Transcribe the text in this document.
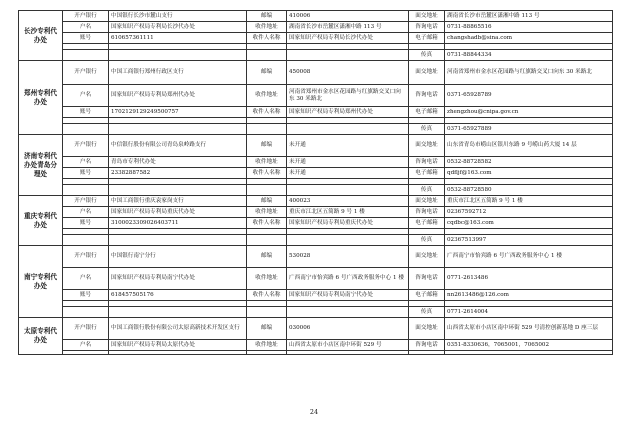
长沙专利代办处	开户银行	中国银行长沙市麓山支行	邮编	410006	面交地址	湖南省长沙市岳麓区潇湘中路 113 号
	户名	国家知识产权局专利局长沙代办处	收件地址	湖南省长沙市岳麓区潇湘中路 113 号	咨询电话	0731-88865516
	账号	610657361111	收件人名称	国家知识产权局专利局长沙代办处	电子邮箱	changshadb@sina.com

					传真	0731-88844334
郑州专利代办处	开户银行	中国工商银行郑州行政区支行	邮编	450008	面交地址	河南省郑州市金水区花园路与红旗路交叉口向东 30 米路北
	户名	国家知识产权局专利局郑州代办处	收件地址	河南省郑州市金水区花园路与红旗路交叉口向东 30 米路北	咨询电话	0371-65928789
	账号	1702129129249500757	收件人名称	国家知识产权局专利局郑州代办处	电子邮箱	zhengzhou@cnipa.gov.cn

					传真	0371-65927889
济南专利代办处青岛分理处	开户银行	中信银行股份有限公司青岛泉岭路支行	邮编	未开通	面交地址	山东省青岛市崂山区银川东路 9 号崂山药大厦 14 层
	户名	青岛市专利代办处	收件地址	未开通	咨询电话	0532-88728582
	账号	23382887582	收件人名称	未开通	电子邮箱	qdfljf@163.com

					传真	0532-88728580
重庆专利代办处	开户银行	中国工商银行重庆袁家岗支行	邮编	400023	面交地址	重庆市江北区五简路 9 号 1 楼
	户名	国家知识产权局专利局重庆代办处	收件地址	重庆市江北区五简路 9 号 1 楼	咨询电话	02367592712
	账号	3100023309026403711	收件人名称	国家知识产权局专利局重庆代办处	电子邮箱	cqdbc@163.com

					传真	02367513997
南宁专利代办处	开户银行	中国银行南宁分行	邮编	530028	面交地址	广西南宁市怡宾路 6 号广西政务服务中心 1 楼
	户名	国家知识产权局专利局南宁代办处	收件地址	广西南宁市怡宾路 6 号广西政务服务中心 1 楼	咨询电话	0771-2613486
	账号	618457505176	收件人名称	国家知识产权局专利局南宁代办处	电子邮箱	nn2613486@126.com

					传真	0771-2614004
太原专利代办处	开户银行	中国工商银行股份有限公司太原高新技术开发区支行	邮编	030006	面交地址	山西省太原市小店区南中环街 529 号清控创新基地 D 座三层
	户名	国家知识产权局专利局太原代办处	收件地址	山西省太原市小店区南中环街 529 号	咨询电话	0351-8330636，7065001，7065002

24
